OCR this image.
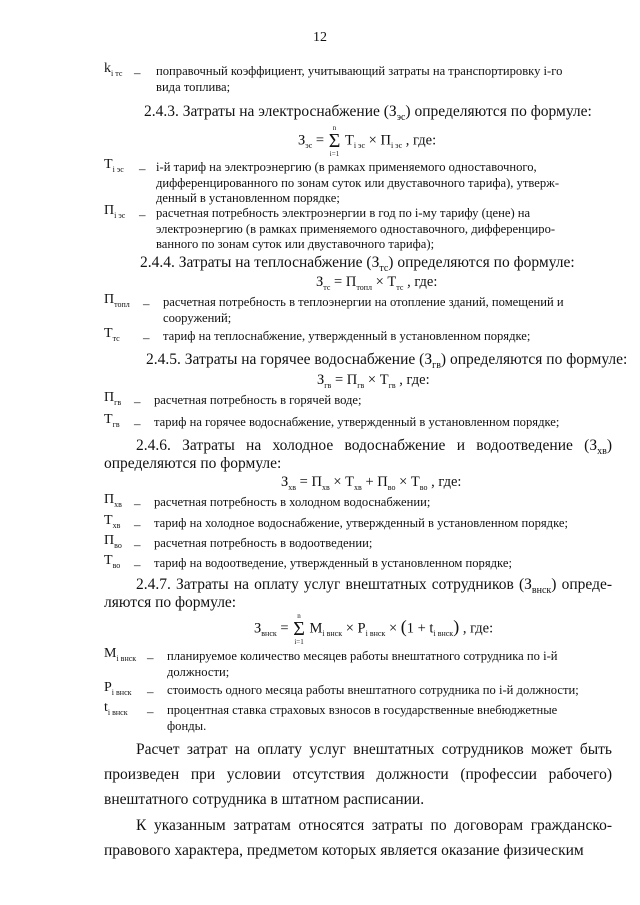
12
$k_{i тс}$ – поправочный коэффициент, учитывающий затраты на транспортировку i-го
вида топлива;
2.4.3. Затраты на электроснабжение $(З_{эс})$ определяются по формуле:
$З_{эс} = n$
Σ
i=1 $T_{i эс} \times П_{i эс}$ , где:
$T_{i эс} - i-й$ тариф на электроэнергию (в рамках применяемого одноставочного,
дифференцированного по зонам суток или двуставочного тарифа), утверж-
денный в установленном порядке;
$П_{i эс}$ – расчетная потребность электроэнергии в год по i-му тарифу (цене) на
электроэнергию (в рамках применяемого одноставочного, дифференциро-
ванного по зонам суток или двуставочного тарифа);
2.4.4. Затраты на теплоснабжение $(З_{тс})$ определяются по формуле:
$З_{тс} = П_{топл} \times Т_{тс}$ , где:
$П_{топл}$ – расчетная потребность в теплоэнергии на отопление зданий, помещений и
сооружений;
$Т_{тс}$ – тариф на теплоснабжение, утвержденный в установленном порядке;
2.4.5. Затраты на горячее водоснабжение $(З_{гв})$ определяются по формуле:
$З_{гв} = П_{гв} \times Т_{гв}$ , где:
$П_{гв}$ – расчетная потребность в горячей воде;
$Т_{гв}$ – тариф на горячее водоснабжение, утвержденный в установленном порядке;
2.4.6. Затраты на холодное водоснабжение и водоотведение $(З_{хв})$
определяются по формуле:
$З_{хв} = П_{хв} \times Т_{хв} + П_{во} \times Т_{во}$ , где:
$П_{хв}$ – расчетная потребность в холодном водоснабжении;
$Т_{хв}$ – тариф на холодное водоснабжение, утвержденный в установленном порядке;
$П_{во}$ – расчетная потребность в водоотведении;
$Т_{во}$ – тариф на водоотведение, утвержденный в установленном порядке;
2.4.7. Затраты на оплату услуг внештатных сотрудников $(З_{внск})$ опреде-
ляются по формуле:
$З_{внск} = n$
Σ
i=1 $M_{i внск} \times P_{i внск} \times (1 + t_{i внск})$ , где:
$M_{i внск}$ – планируемое количество месяцев работы внештатного сотрудника по i-й
должности;
$P_{i внск}$ – стоимость одного месяца работы внештатного сотрудника по i-й должности;
$t_{i внск}$ – процентная ставка страховых взносов в государственные внебюджетные
фонды.
Расчет затрат на оплату услуг внештатных сотрудников может быть произведен при условии отсутствия должности (профессии рабочего) внештатного сотрудника в штатном расписании.
К указанным затратам относятся затраты по договорам гражданско-правового характера, предметом которых является оказание физическим
